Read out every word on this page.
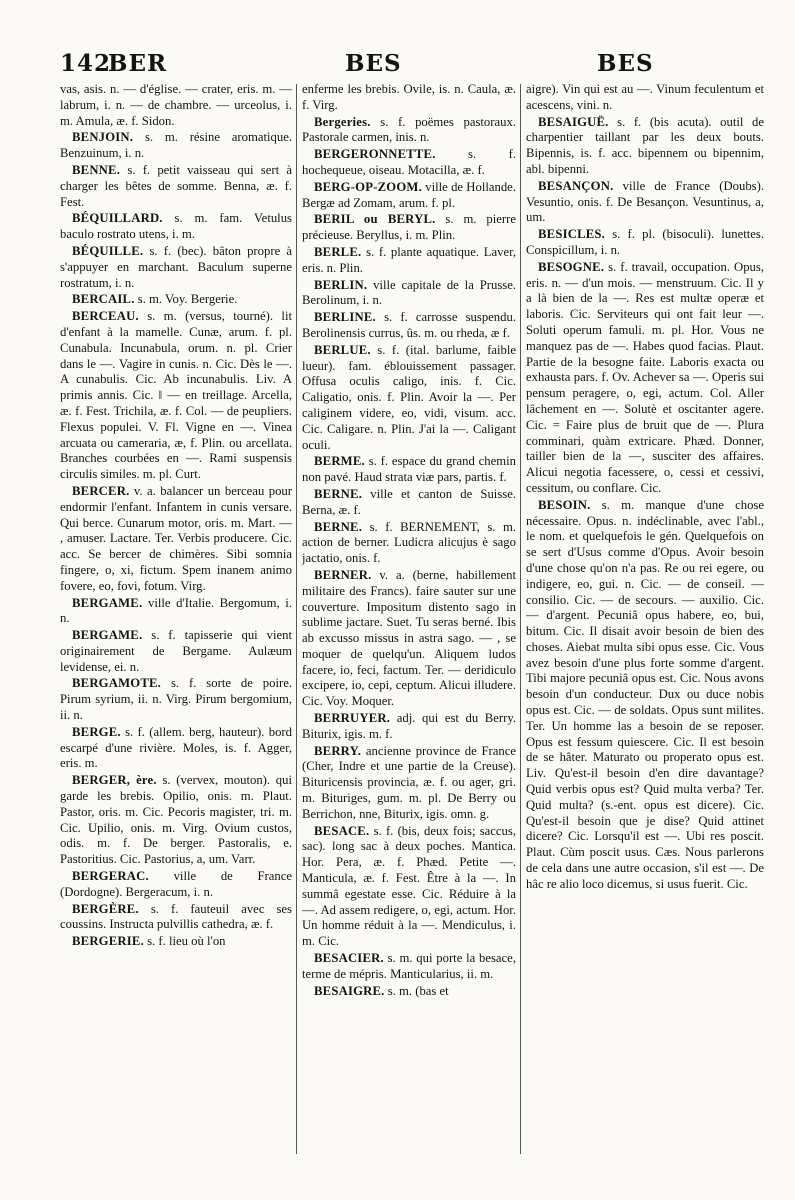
142
BER	BES	BES

vas, asis. n. — d'église. — crater, eris. m. — labrum, i. n. — de chambre. — urceolus, i. m. Amula, æ. f. Sidon.

BENJOIN. s. m. résine aromatique. Benzuinum, i. n.

BENNE. s. f. petit vaisseau qui sert à charger les bêtes de somme. Benna, æ. f. Fest.

BÉQUILLARD. s. m. fam. Vetulus baculo rostrato utens, i. m.

BÉQUILLE. s. f. (bec). bâton propre à s'appuyer en marchant. Baculum superne rostratum, i. n.

BERCAIL. s. m. Voy. Bergerie.

BERCEAU. s. m. (versus, tourné). lit d'enfant à la mamelle. Cunæ, arum. f. pl. Cunabula. Incunabula, orum. n. pl. Crier dans le —. Vagire in cunis. n. Cic. Dès le —. A cunabulis. Cic. Ab incunabulis. Liv. A primis annis. Cic. ‖ — en treillage. Arcella, æ. f. Fest. Trichila, æ. f. Col. — de peupliers. Flexus populei. V. Fl. Vigne en —. Vinea arcuata ou cameraria, æ, f. Plin. ou arcellata. Branches courbées en —. Rami suspensis circulis similes. m. pl. Curt.

BERCER. v. a. balancer un berceau pour endormir l'enfant. Infantem in cunis versare. Qui berce. Cunarum motor, oris. m. Mart. — , amuser. Lactare. Ter. Verbis producere. Cic. acc. Se bercer de chimères. Sibi somnia fingere, o, xi, fictum. Spem inanem animo fovere, eo, fovi, fotum. Virg.

BERGAME. ville d'Italie. Bergomum, i. n.

BERGAME. s. f. tapisserie qui vient originairement de Bergame. Aulæum levidense, ei. n.

BERGAMOTE. s. f. sorte de poire. Pirum syrium, ii. n. Virg. Pirum bergomium, ii. n.

BERGE. s. f. (allem. berg, hauteur). bord escarpé d'une rivière. Moles, is. f. Agger, eris. m.

BERGER, ère. s. (vervex, mouton). qui garde les brebis. Opilio, onis. m. Plaut. Pastor, oris. m. Cic. Pecoris magister, tri. m. Cic. Upilio, onis. m. Virg. Ovium custos, odis. m. f. De berger. Pastoralis, e. Pastoritius. Cic. Pastorius, a, um. Varr.

BERGERAC. ville de France (Dordogne). Bergeracum, i. n.

BERGÈRE. s. f. fauteuil avec ses coussins. Instructa pulvillis cathedra, æ. f.

BERGERIE. s. f. lieu où l'on

enferme les brebis. Ovile, is. n. Caula, æ. f. Virg.

Bergeries. s. f. poëmes pastoraux. Pastorale carmen, inis. n.

BERGERONNETTE.	s. f. hochequeue, oiseau. Motacilla, æ. f.

BERG-OP-ZOOM. ville de Hollande. Bergæ ad Zomam, arum. f. pl.

BERIL ou BERYL. s. m. pierre précieuse. Beryllus, i. m. Plin.

BERLE. s. f. plante aquatique. Laver, eris. n. Plin.

BERLIN. ville capitale de la Prusse. Berolinum, i. n.

BERLINE. s. f. carrosse suspendu. Berolinensis currus, ûs. m. ou rheda, æ f.

BERLUE. s. f. (ital. barlume, faible lueur). fam. éblouissement passager. Offusa oculis caligo, inis. f. Cic. Caligatio, onis. f. Plin. Avoir la —. Per caliginem videre, eo, vidi, visum. acc. Cic. Caligare. n. Plin. J'ai la —. Caligant oculi.

BERME. s. f. espace du grand chemin non pavé. Haud strata viæ pars, partis. f.

BERNE. ville et canton de Suisse. Berna, æ. f.

BERNE. s. f. BERNEMENT, s. m. action de berner. Ludicra alicujus è sago jactatio, onis. f.

BERNER. v. a. (berne, habillement militaire des Francs). faire sauter sur une couverture. Impositum distento sago in sublime jactare. Suet. Tu seras berné. Ibis ab excusso missus in astra sago. — , se moquer de quelqu'un. Aliquem ludos facere, io, feci, factum. Ter. — deridiculo excipere, io, cepi, ceptum. Alicui illudere. Cic. Voy. Moquer.

BERRUYER. adj. qui est du Berry. Biturix, igis. m. f.

BERRY. ancienne province de France (Cher, Indre et une partie de la Creuse). Bituricensis provincia, æ. f. ou ager, gri. m. Bituriges, gum. m. pl. De Berry ou Berrichon, nne, Biturix, igis. omn. g.

BESACE. s. f. (bis, deux fois; saccus, sac). long sac à deux poches. Mantica. Hor. Pera, æ. f. Phæd. Petite —. Manticula, æ. f. Fest. Être à la —. In summâ egestate esse. Cic. Réduire à la —. Ad assem redigere, o, egi, actum. Hor. Un homme réduit à la —. Mendiculus, i. m. Cic.

BESACIER. s. m. qui porte la besace, terme de mépris. Manticularius, ii. m.

BESAIGRE. s. m. (bas et

aigre). Vin qui est au —. Vinum feculentum et acescens, vini. n.

BESAIGUË. s. f. (bis acuta). outil de charpentier taillant par les deux bouts. Bipennis, is. f. acc. bipennem ou bipennim, abl. bipenni.

BESANÇON. ville de France (Doubs). Vesuntio, onis. f. De Besançon. Vesuntinus, a, um.

BESICLES. s. f. pl. (bisoculi). lunettes. Conspicillum, i. n.

BESOGNE. s. f. travail, occupation. Opus, eris. n. — d'un mois. — menstruum. Cic. Il y a là bien de la —. Res est multæ operæ et laboris. Cic. Serviteurs qui ont fait leur —. Soluti operum famuli. m. pl. Hor. Vous ne manquez pas de —. Habes quod facias. Plaut. Partie de la besogne faite. Laboris exacta ou exhausta pars. f. Ov. Achever sa —. Operis sui pensum peragere, o, egi, actum. Col. Aller lâchement en —. Solutè et oscitanter agere. Cic. = Faire plus de bruit que de —. Plura comminari, quàm extricare. Phæd. Donner, tailler bien de la —, susciter des affaires. Alicui negotia facessere, o, cessi et cessivi, cessitum, ou conflare. Cic.

BESOIN. s. m. manque d'une chose nécessaire. Opus. n. indéclinable, avec l'abl., le nom. et quelquefois le gén. Quelquefois on se sert d'Usus comme d'Opus. Avoir besoin d'une chose qu'on n'a pas. Re ou rei egere, ou indigere, eo, gui. n. Cic. — de conseil. — consilio. Cic. — de secours. — auxilio. Cic. — d'argent. Pecuniâ opus habere, eo, bui, bitum. Cic. Il disait avoir besoin de bien des choses. Aiebat multa sibi opus esse. Cic. Vous avez besoin d'une plus forte somme d'argent. Tibi majore pecuniâ opus est. Cic. Nous avons besoin d'un conducteur. Dux ou duce nobis opus est. Cic. — de soldats. Opus sunt milites. Ter. Un homme las a besoin de se reposer. Opus est fessum quiescere. Cic. Il est besoin de se hâter. Maturato ou properato opus est. Liv. Qu'est-il besoin d'en dire davantage? Quid verbis opus est? Quid multa verba? Ter. Quid multa? (s.-ent. opus est dicere). Cic. Qu'est-il besoin que je dise? Quid attinet dicere? Cic. Lorsqu'il est —. Ubi res poscit. Plaut. Cùm poscit usus. Cæs. Nous parlerons de cela dans une autre occasion, s'il est —. De hâc re alio loco dicemus, si usus fuerit. Cic.
